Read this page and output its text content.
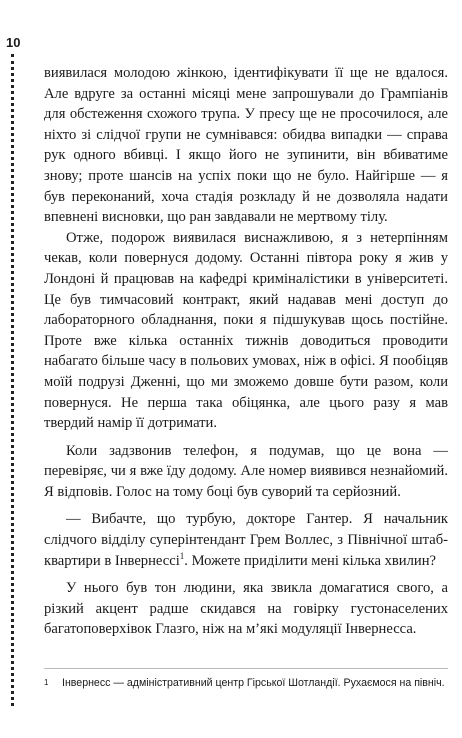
10

виявилася молодою жінкою, ідентифікувати її ще не вдалося. Але вдруге за останні місяці мене запрошували до Грампіанів для обстеження схожого трупа. У пресу ще не просочилося, але ніхто зі слідчої групи не сумнівався: обидва випадки — справа рук одного вбивці. І якщо його не зупинити, він вбиватиме знову; проте шансів на успіх поки що не було. Найгірше — я був переконаний, хоча стадія розкладу й не дозволяла надати впевнені висновки, що ран завдавали не мертвому тілу.

Отже, подорож виявилася виснажливою, я з нетерпінням чекав, коли повернуся додому. Останні півтора року я жив у Лондоні й працював на кафедрі криміналістики в університеті. Це був тимчасовий контракт, який надавав мені доступ до лабораторного обладнання, поки я підшукував щось постійне. Проте вже кілька останніх тижнів доводиться проводити набагато більше часу в польових умовах, ніж в офісі. Я пообіцяв моїй подрузі Дженні, що ми зможемо довше бути разом, коли повернуся. Не перша така обіцянка, але цього разу я мав твердий намір її дотримати.

Коли задзвонив телефон, я подумав, що це вона — перевіряє, чи я вже їду додому. Але номер виявився незнайомий. Я відповів. Голос на тому боці був суворий та серйозний.

— Вибачте, що турбую, докторе Гантер. Я начальник слідчого відділу суперінтендант Грем Воллес, з Північної штаб-квартири в Інвернессі$^1$. Можете приділити мені кілька хвилин?

У нього був тон людини, яка звикла домагатися свого, а різкий акцент радше скидався на говірку густонаселених багатоповерхівок Глазго, ніж на м’які модуляції Інвернесса.

1 Інвернесс — адміністративний центр Гірської Шотландії. Рухаємося на північ.
